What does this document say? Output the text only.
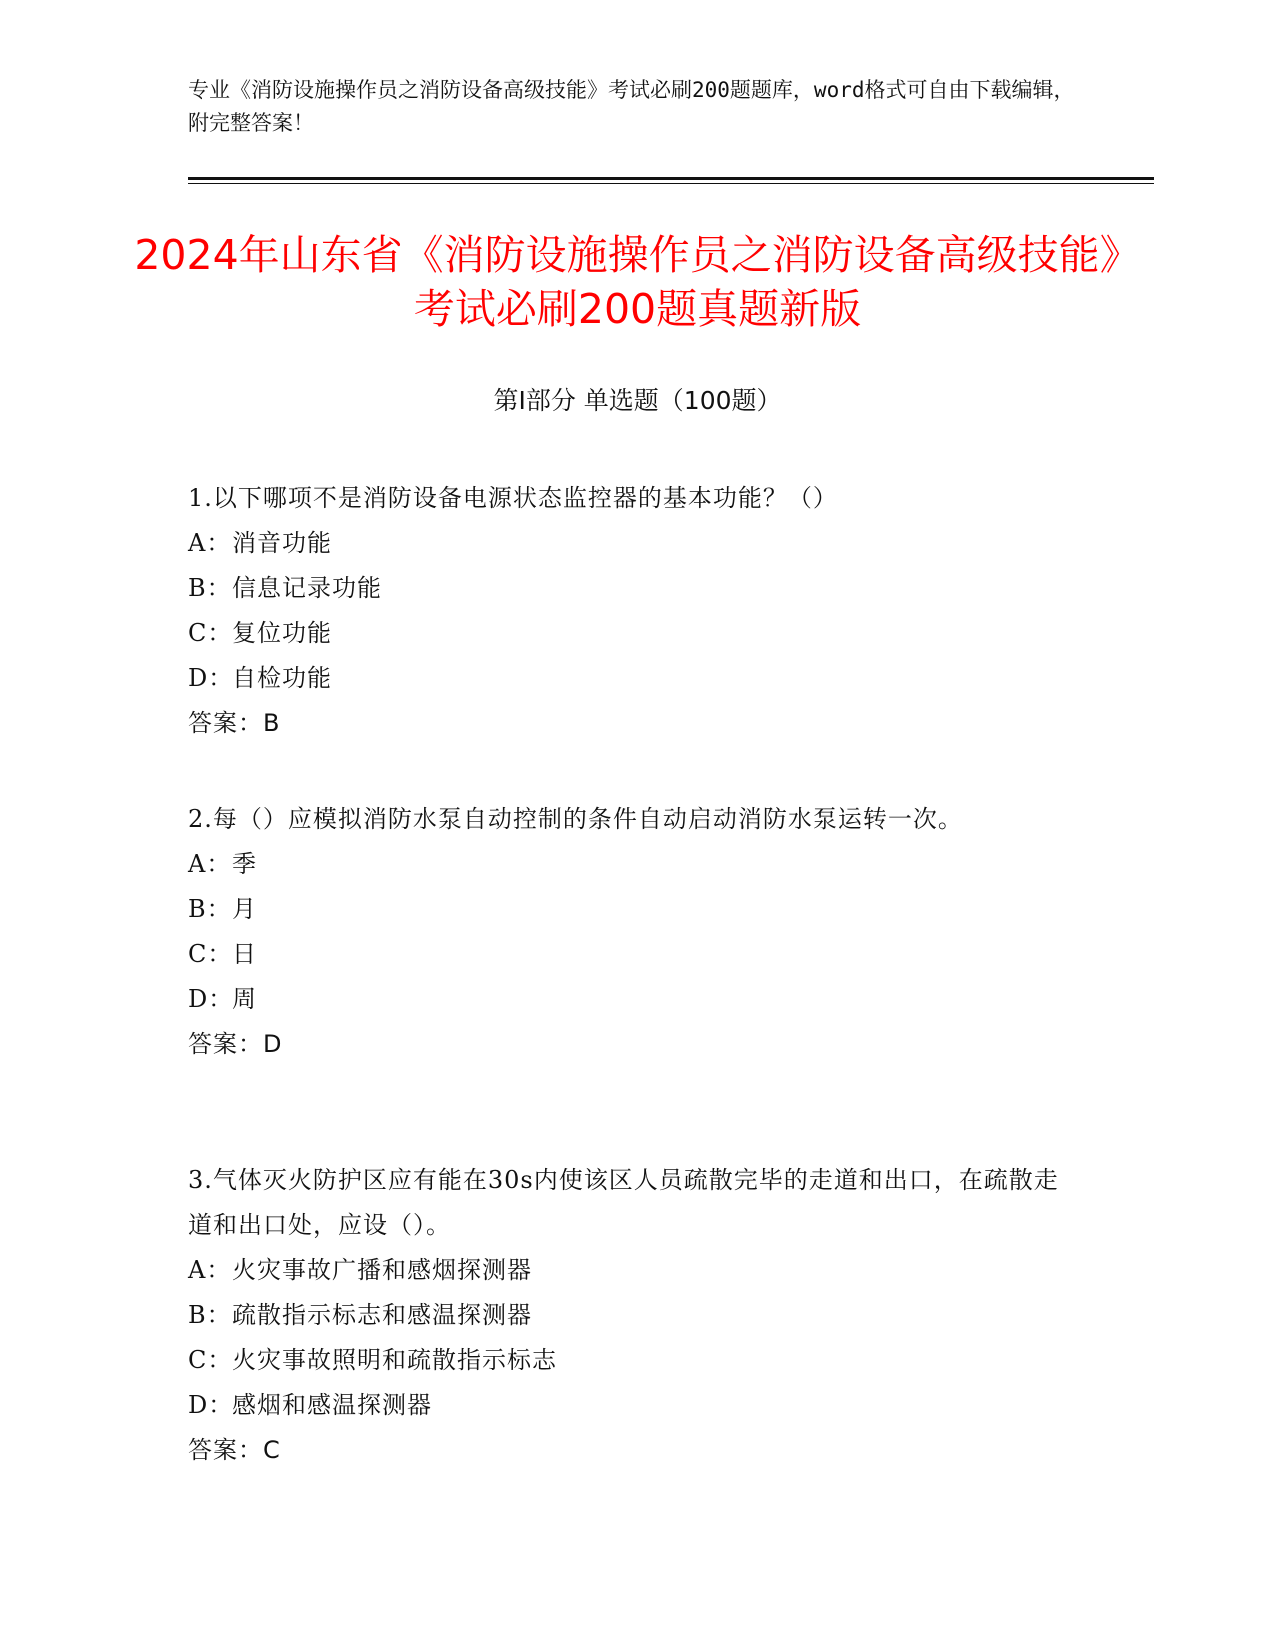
专业《消防设施操作员之消防设备高级技能》考试必刷200题题库，word格式可自由下载编辑，附完整答案！
2024年山东省《消防设施操作员之消防设备高级技能》考试必刷200题真题新版
第Ⅰ部分 单选题（100题）

1.以下哪项不是消防设备电源状态监控器的基本功能？（）

A： 消音功能
B： 信息记录功能
C： 复位功能
D：
自检功能
答案：B

2.每（）应模拟消防水泵自动控制的条件自动启动消防水泵运转一次。

A： 季
B： 月
C： 日
D：
周
答案：D

3.气体灭火防护区应有能在30s内使该区人员疏散完毕的走道和出口，在疏散走道和出口处，应设（）。

A： 火灾事故广播和感烟探测器
B： 疏散指示标志和感温探测器
C： 火灾事故照明和疏散指示标志
D：
感烟和感温探测器
答案：C
